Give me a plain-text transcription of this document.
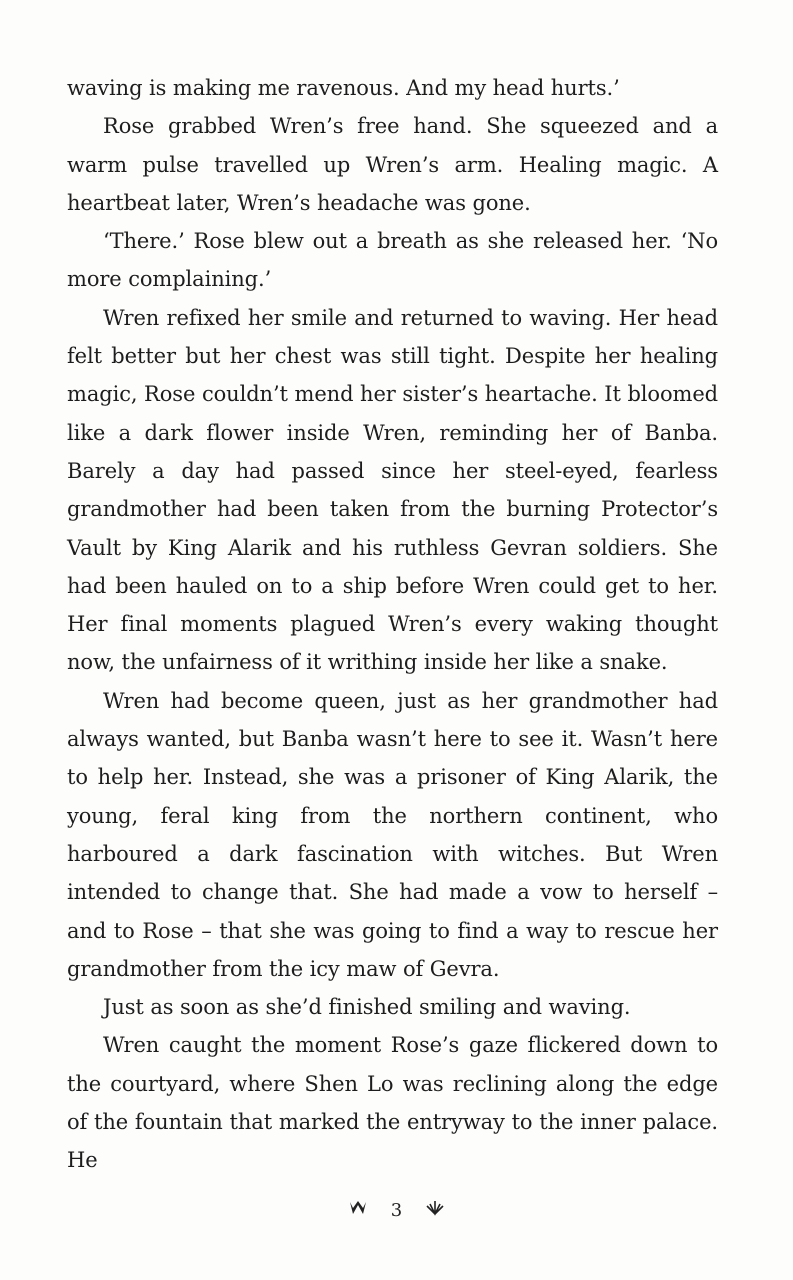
waving is making me ravenous. And my head hurts.’

Rose grabbed Wren’s free hand. She squeezed and a warm pulse travelled up Wren’s arm. Healing magic. A heartbeat later, Wren’s headache was gone.

‘There.’ Rose blew out a breath as she released her. ‘No more complaining.’

Wren refixed her smile and returned to waving. Her head felt better but her chest was still tight. Despite her healing magic, Rose couldn’t mend her sister’s heartache. It bloomed like a dark flower inside Wren, reminding her of Banba. Barely a day had passed since her steel-eyed, fearless grandmother had been taken from the burning Protector’s Vault by King Alarik and his ruthless Gevran soldiers. She had been hauled on to a ship before Wren could get to her. Her final moments plagued Wren’s every waking thought now, the unfairness of it writhing inside her like a snake.

Wren had become queen, just as her grandmother had always wanted, but Banba wasn’t here to see it. Wasn’t here to help her. Instead, she was a prisoner of King Alarik, the young, feral king from the northern continent, who harboured a dark fascination with witches. But Wren intended to change that. She had made a vow to herself – and to Rose – that she was going to find a way to rescue her grandmother from the icy maw of Gevra.

Just as soon as she’d finished smiling and waving.

Wren caught the moment Rose’s gaze flickered down to the courtyard, where Shen Lo was reclining along the edge of the fountain that marked the entryway to the inner palace. He

3
